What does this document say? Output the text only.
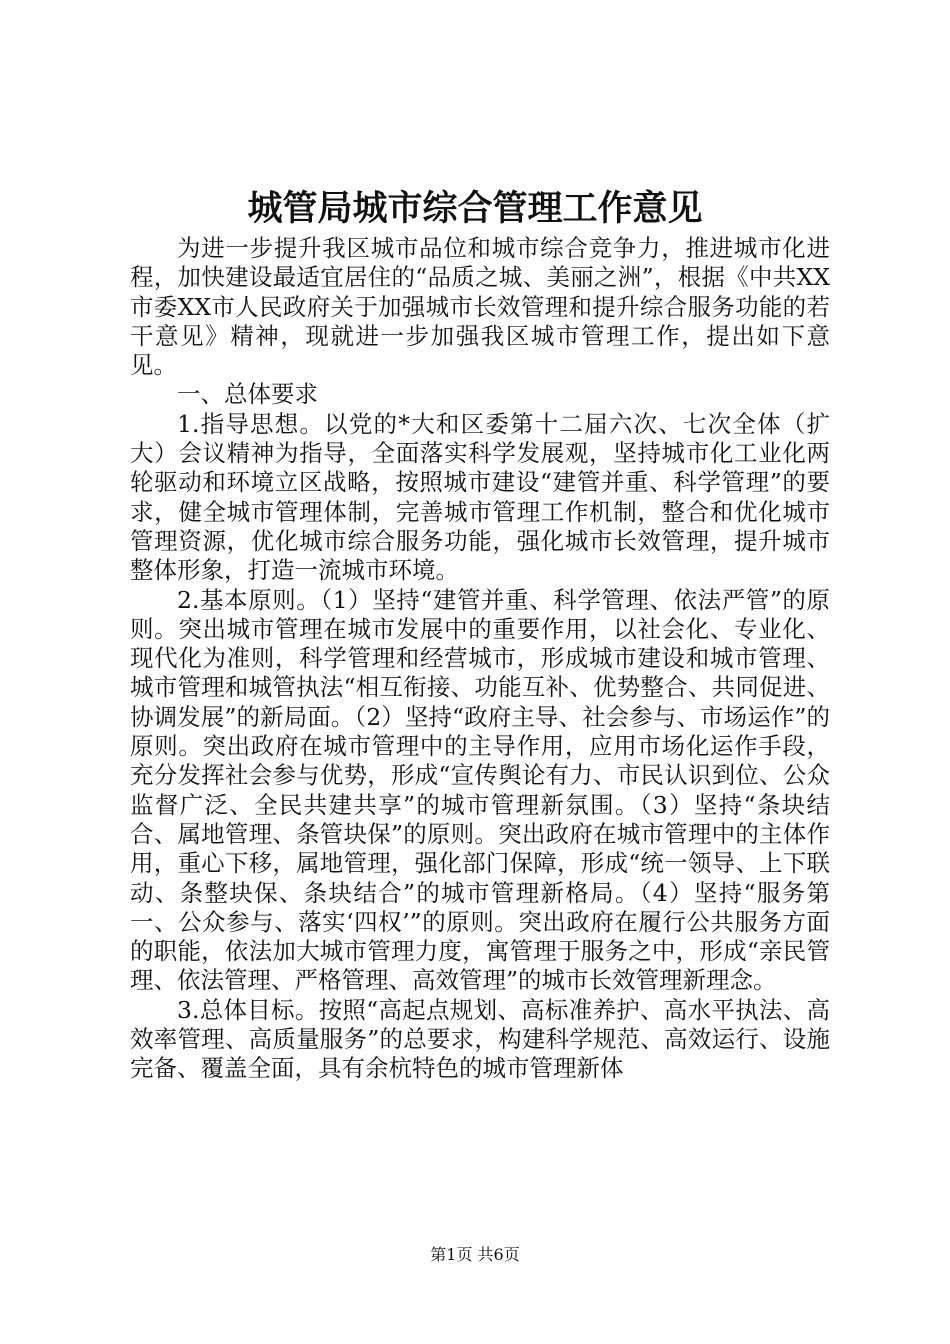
城管局城市综合管理工作意见

为进一步提升我区城市品位和城市综合竞争力，推进城市化进程，加快建设最适宜居住的“品质之城、美丽之洲”，根据《中共XX市委XX市人民政府关于加强城市长效管理和提升综合服务功能的若干意见》精神，现就进一步加强我区城市管理工作，提出如下意见。

一、总体要求

1.指导思想。以党的*大和区委第十二届六次、七次全体（扩大）会议精神为指导，全面落实科学发展观，坚持城市化工业化两轮驱动和环境立区战略，按照城市建设“建管并重、科学管理”的要求，健全城市管理体制，完善城市管理工作机制，整合和优化城市管理资源，优化城市综合服务功能，强化城市长效管理，提升城市整体形象，打造一流城市环境。

2.基本原则。（1）坚持“建管并重、科学管理、依法严管”的原则。突出城市管理在城市发展中的重要作用，以社会化、专业化、现代化为准则，科学管理和经营城市，形成城市建设和城市管理、城市管理和城管执法“相互衔接、功能互补、优势整合、共同促进、协调发展”的新局面。（2）坚持“政府主导、社会参与、市场运作”的原则。突出政府在城市管理中的主导作用，应用市场化运作手段，充分发挥社会参与优势，形成“宣传舆论有力、市民认识到位、公众监督广泛、全民共建共享”的城市管理新氛围。（3）坚持“条块结合、属地管理、条管块保”的原则。突出政府在城市管理中的主体作用，重心下移，属地管理，强化部门保障，形成“统一领导、上下联动、条整块保、条块结合”的城市管理新格局。（4）坚持“服务第一、公众参与、落实‘四权’”的原则。突出政府在履行公共服务方面的职能，依法加大城市管理力度，寓管理于服务之中，形成“亲民管理、依法管理、严格管理、高效管理”的城市长效管理新理念。

3.总体目标。按照“高起点规划、高标准养护、高水平执法、高效率管理、高质量服务”的总要求，构建科学规范、高效运行、设施完备、覆盖全面，具有余杭特色的城市管理新体

第1页 共6页
